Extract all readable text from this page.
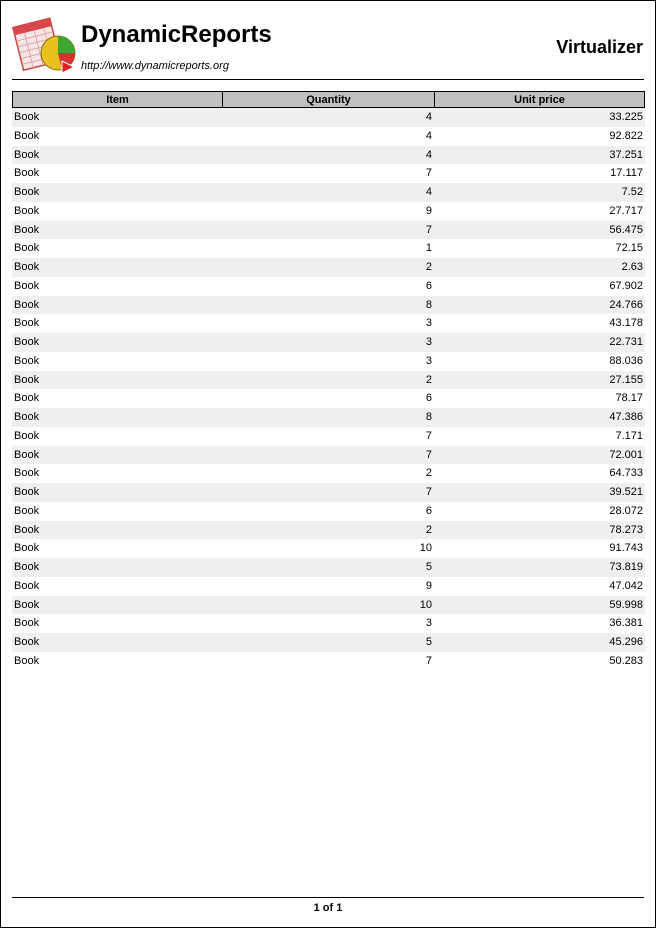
DynamicReports
http://www.dynamicreports.org
Virtualizer
Item	Quantity	Unit price
Book	4	33.225
Book	4	92.822
Book	4	37.251
Book	7	17.117
Book	4	7.52
Book	9	27.717
Book	7	56.475
Book	1	72.15
Book	2	2.63
Book	6	67.902
Book	8	24.766
Book	3	43.178
Book	3	22.731
Book	3	88.036
Book	2	27.155
Book	6	78.17
Book	8	47.386
Book	7	7.171
Book	7	72.001
Book	2	64.733
Book	7	39.521
Book	6	28.072
Book	2	78.273
Book	10	91.743
Book	5	73.819
Book	9	47.042
Book	10	59.998
Book	3	36.381
Book	5	45.296
Book	7	50.283
1 of 1
